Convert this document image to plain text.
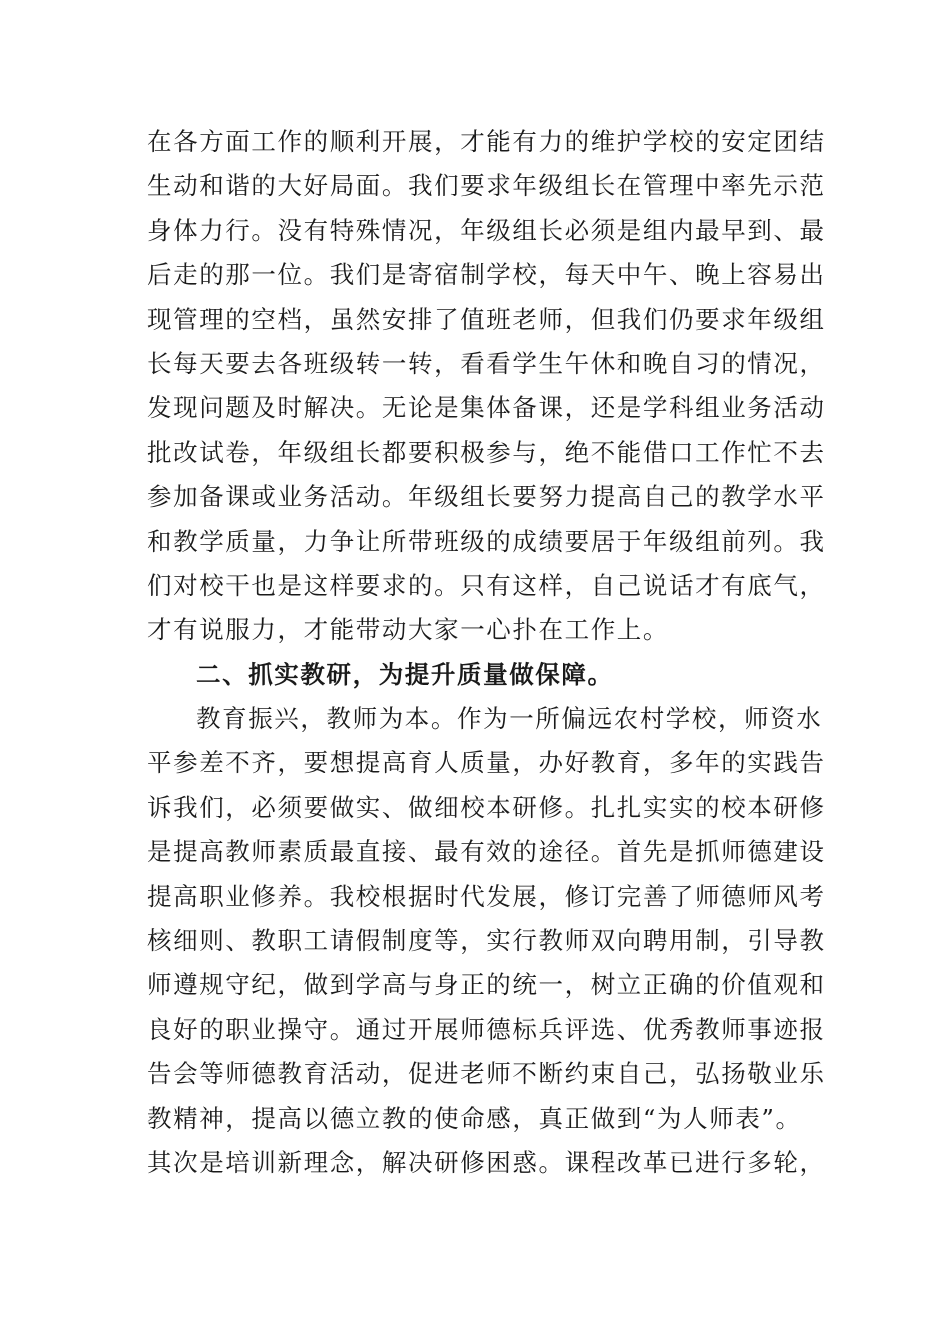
在各方面工作的顺利开展，才能有力的维护学校的安定团结
生动和谐的大好局面。我们要求年级组长在管理中率先示范
身体力行。没有特殊情况，年级组长必须是组内最早到、最
后走的那一位。我们是寄宿制学校，每天中午、晚上容易出
现管理的空档，虽然安排了值班老师，但我们仍要求年级组
长每天要去各班级转一转，看看学生午休和晚自习的情况，
发现问题及时解决。无论是集体备课，还是学科组业务活动
批改试卷，年级组长都要积极参与，绝不能借口工作忙不去
参加备课或业务活动。年级组长要努力提高自己的教学水平
和教学质量，力争让所带班级的成绩要居于年级组前列。我
们对校干也是这样要求的。只有这样，自己说话才有底气，
才有说服力，才能带动大家一心扑在工作上。
二、抓实教研，为提升质量做保障。
教育振兴，教师为本。作为一所偏远农村学校，师资水
平参差不齐，要想提高育人质量，办好教育，多年的实践告
诉我们，必须要做实、做细校本研修。扎扎实实的校本研修
是提高教师素质最直接、最有效的途径。首先是抓师德建设
提高职业修养。我校根据时代发展，修订完善了师德师风考
核细则、教职工请假制度等，实行教师双向聘用制，引导教
师遵规守纪，做到学高与身正的统一，树立正确的价值观和
良好的职业操守。通过开展师德标兵评选、优秀教师事迹报
告会等师德教育活动，促进老师不断约束自己，弘扬敬业乐
教精神，提高以德立教的使命感，真正做到“为人师表”。
其次是培训新理念，解决研修困惑。课程改革已进行多轮，
